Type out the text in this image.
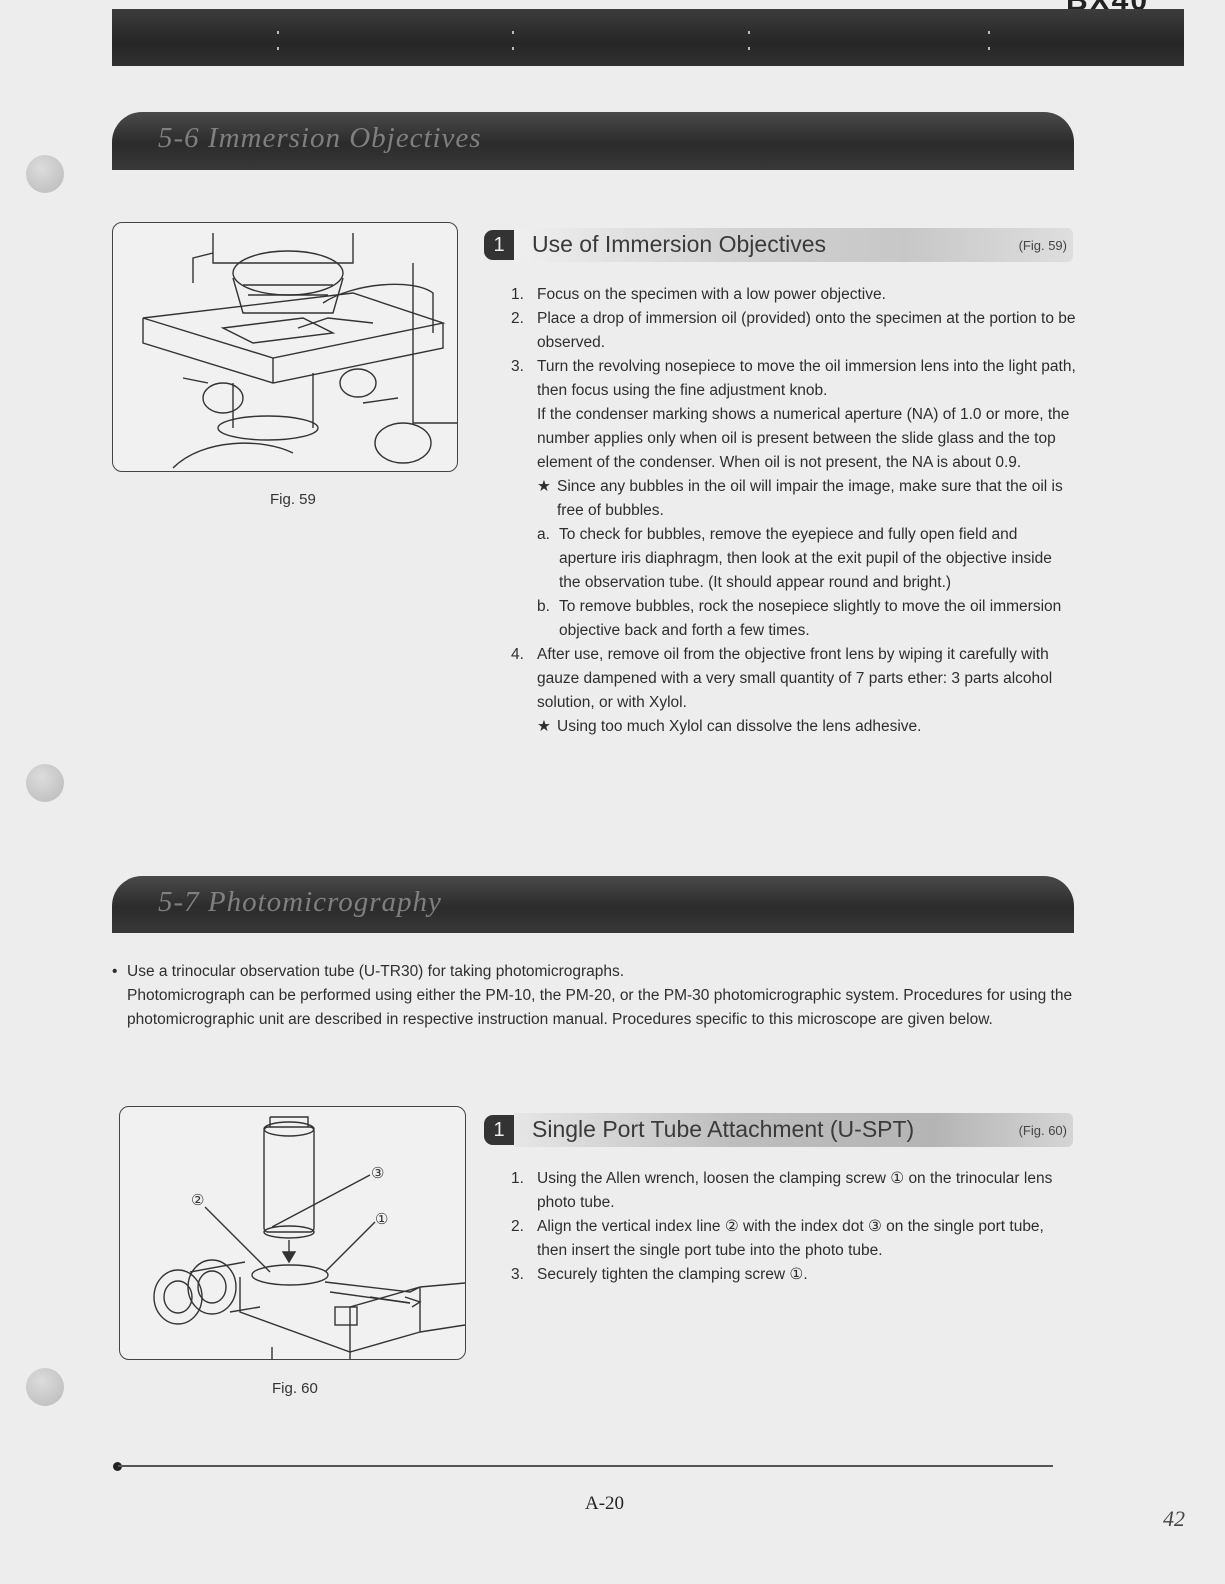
5-6 Immersion Objectives
Fig. 59
1	Use of Immersion Objectives	(Fig. 59)
1. Focus on the specimen with a low power objective.
2. Place a drop of immersion oil (provided) onto the specimen at the portion to be observed.
3. Turn the revolving nosepiece to move the oil immersion lens into the light path, then focus using the fine adjustment knob.
If the condenser marking shows a numerical aperture (NA) of 1.0 or more, the number applies only when oil is present between the slide glass and the top element of the condenser. When oil is not present, the NA is about 0.9.
★ Since any bubbles in the oil will impair the image, make sure that the oil is free of bubbles.
a. To check for bubbles, remove the eyepiece and fully open field and aperture iris diaphragm, then look at the exit pupil of the objective inside the observation tube. (It should appear round and bright.)
b. To remove bubbles, rock the nosepiece slightly to move the oil immersion objective back and forth a few times.
4. After use, remove oil from the objective front lens by wiping it carefully with gauze dampened with a very small quantity of 7 parts ether: 3 parts alcohol solution, or with Xylol.
★ Using too much Xylol can dissolve the lens adhesive.
5-7 Photomicrography
• Use a trinocular observation tube (U-TR30) for taking photomicrographs.
Photomicrograph can be performed using either the PM-10, the PM-20, or the PM-30 photomicrographic system. Procedures for using the photomicrographic unit are described in respective instruction manual. Procedures specific to this microscope are given below.
②
③
①
Fig. 60
1	Single Port Tube Attachment (U-SPT)	(Fig. 60)
1. Using the Allen wrench, loosen the clamping screw ① on the trinocular lens photo tube.
2. Align the vertical index line ② with the index dot ③ on the single port tube, then insert the single port tube into the photo tube.
3. Securely tighten the clamping screw ①.
A-20
42
